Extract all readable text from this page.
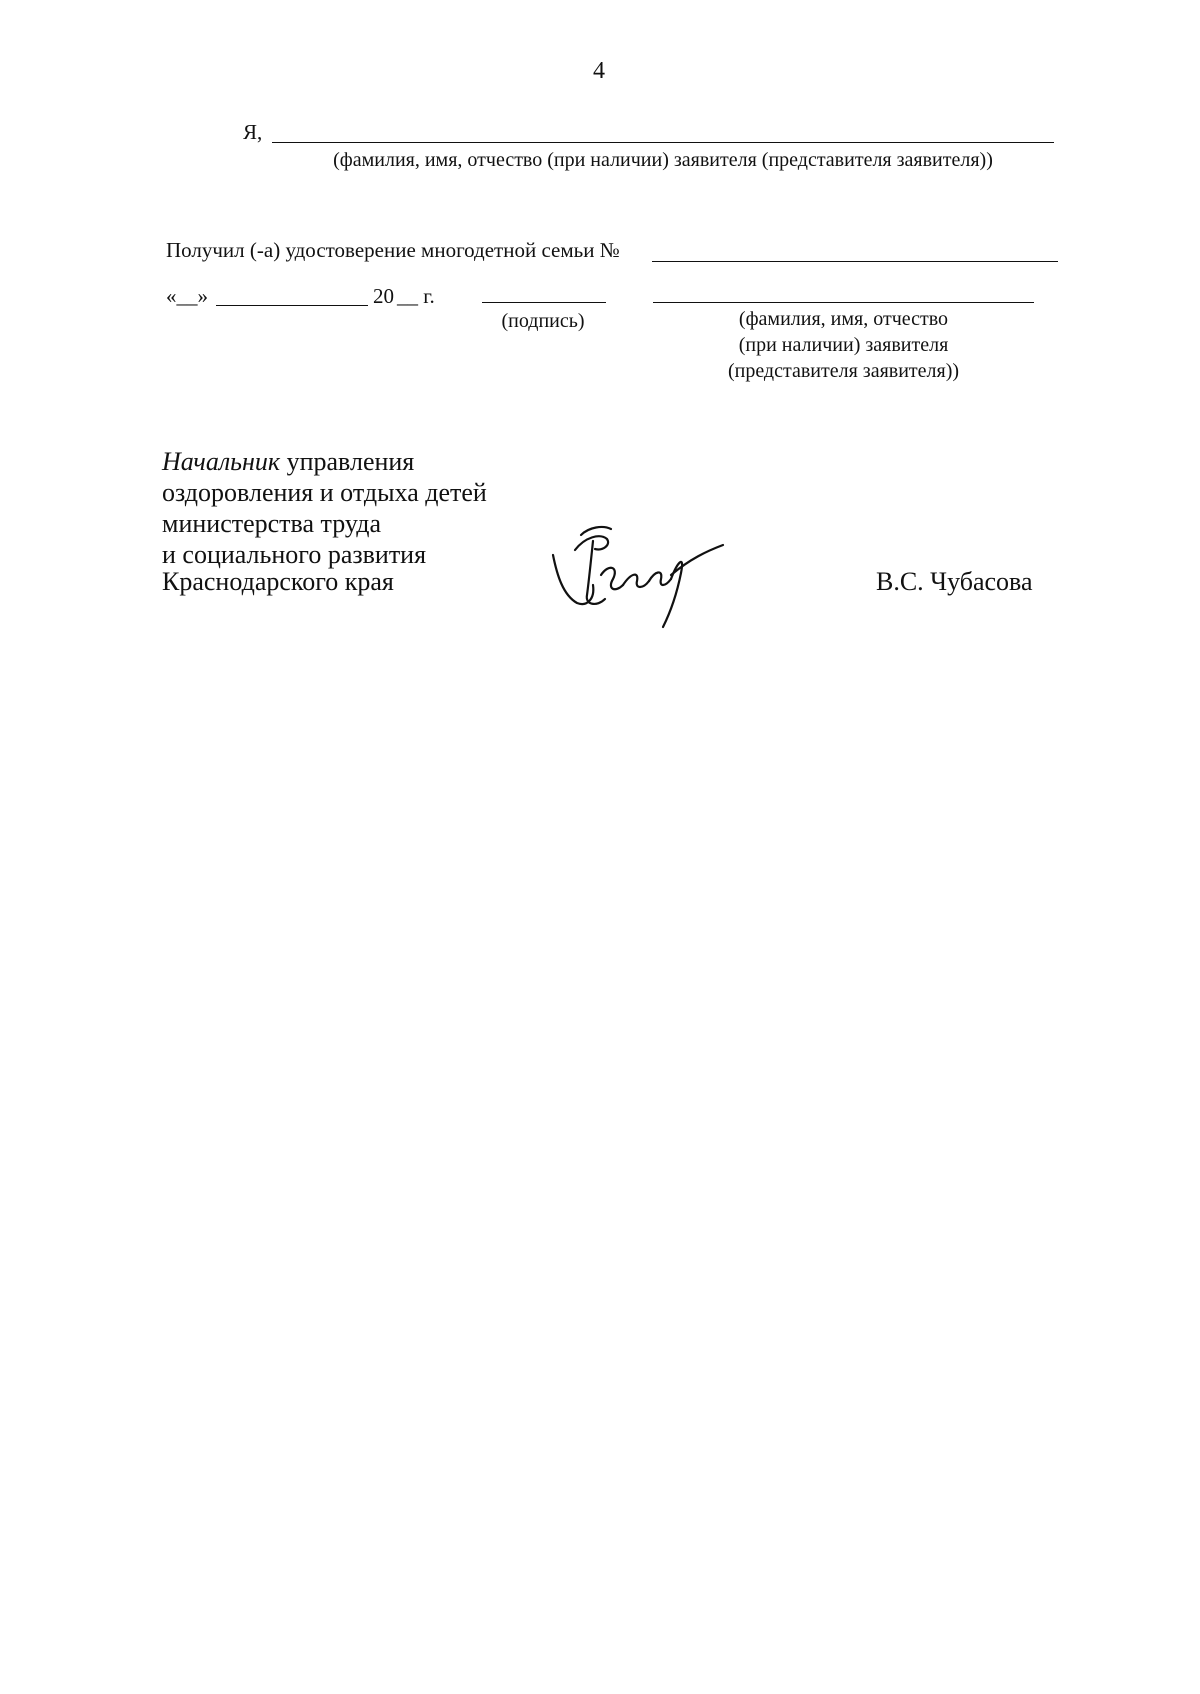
4
Я,
(фамилия, имя, отчество (при наличии) заявителя (представителя заявителя))
Получил (-а) удостоверение многодетной семьи №
«__»	20 __ г.
(подпись)	(фамилия, имя, отчество
(при наличии) заявителя
(представителя заявителя))
Начальник управления
оздоровления и отдыха детей
министерства труда
и социального развития
Краснодарского края	В.С. Чубасова
